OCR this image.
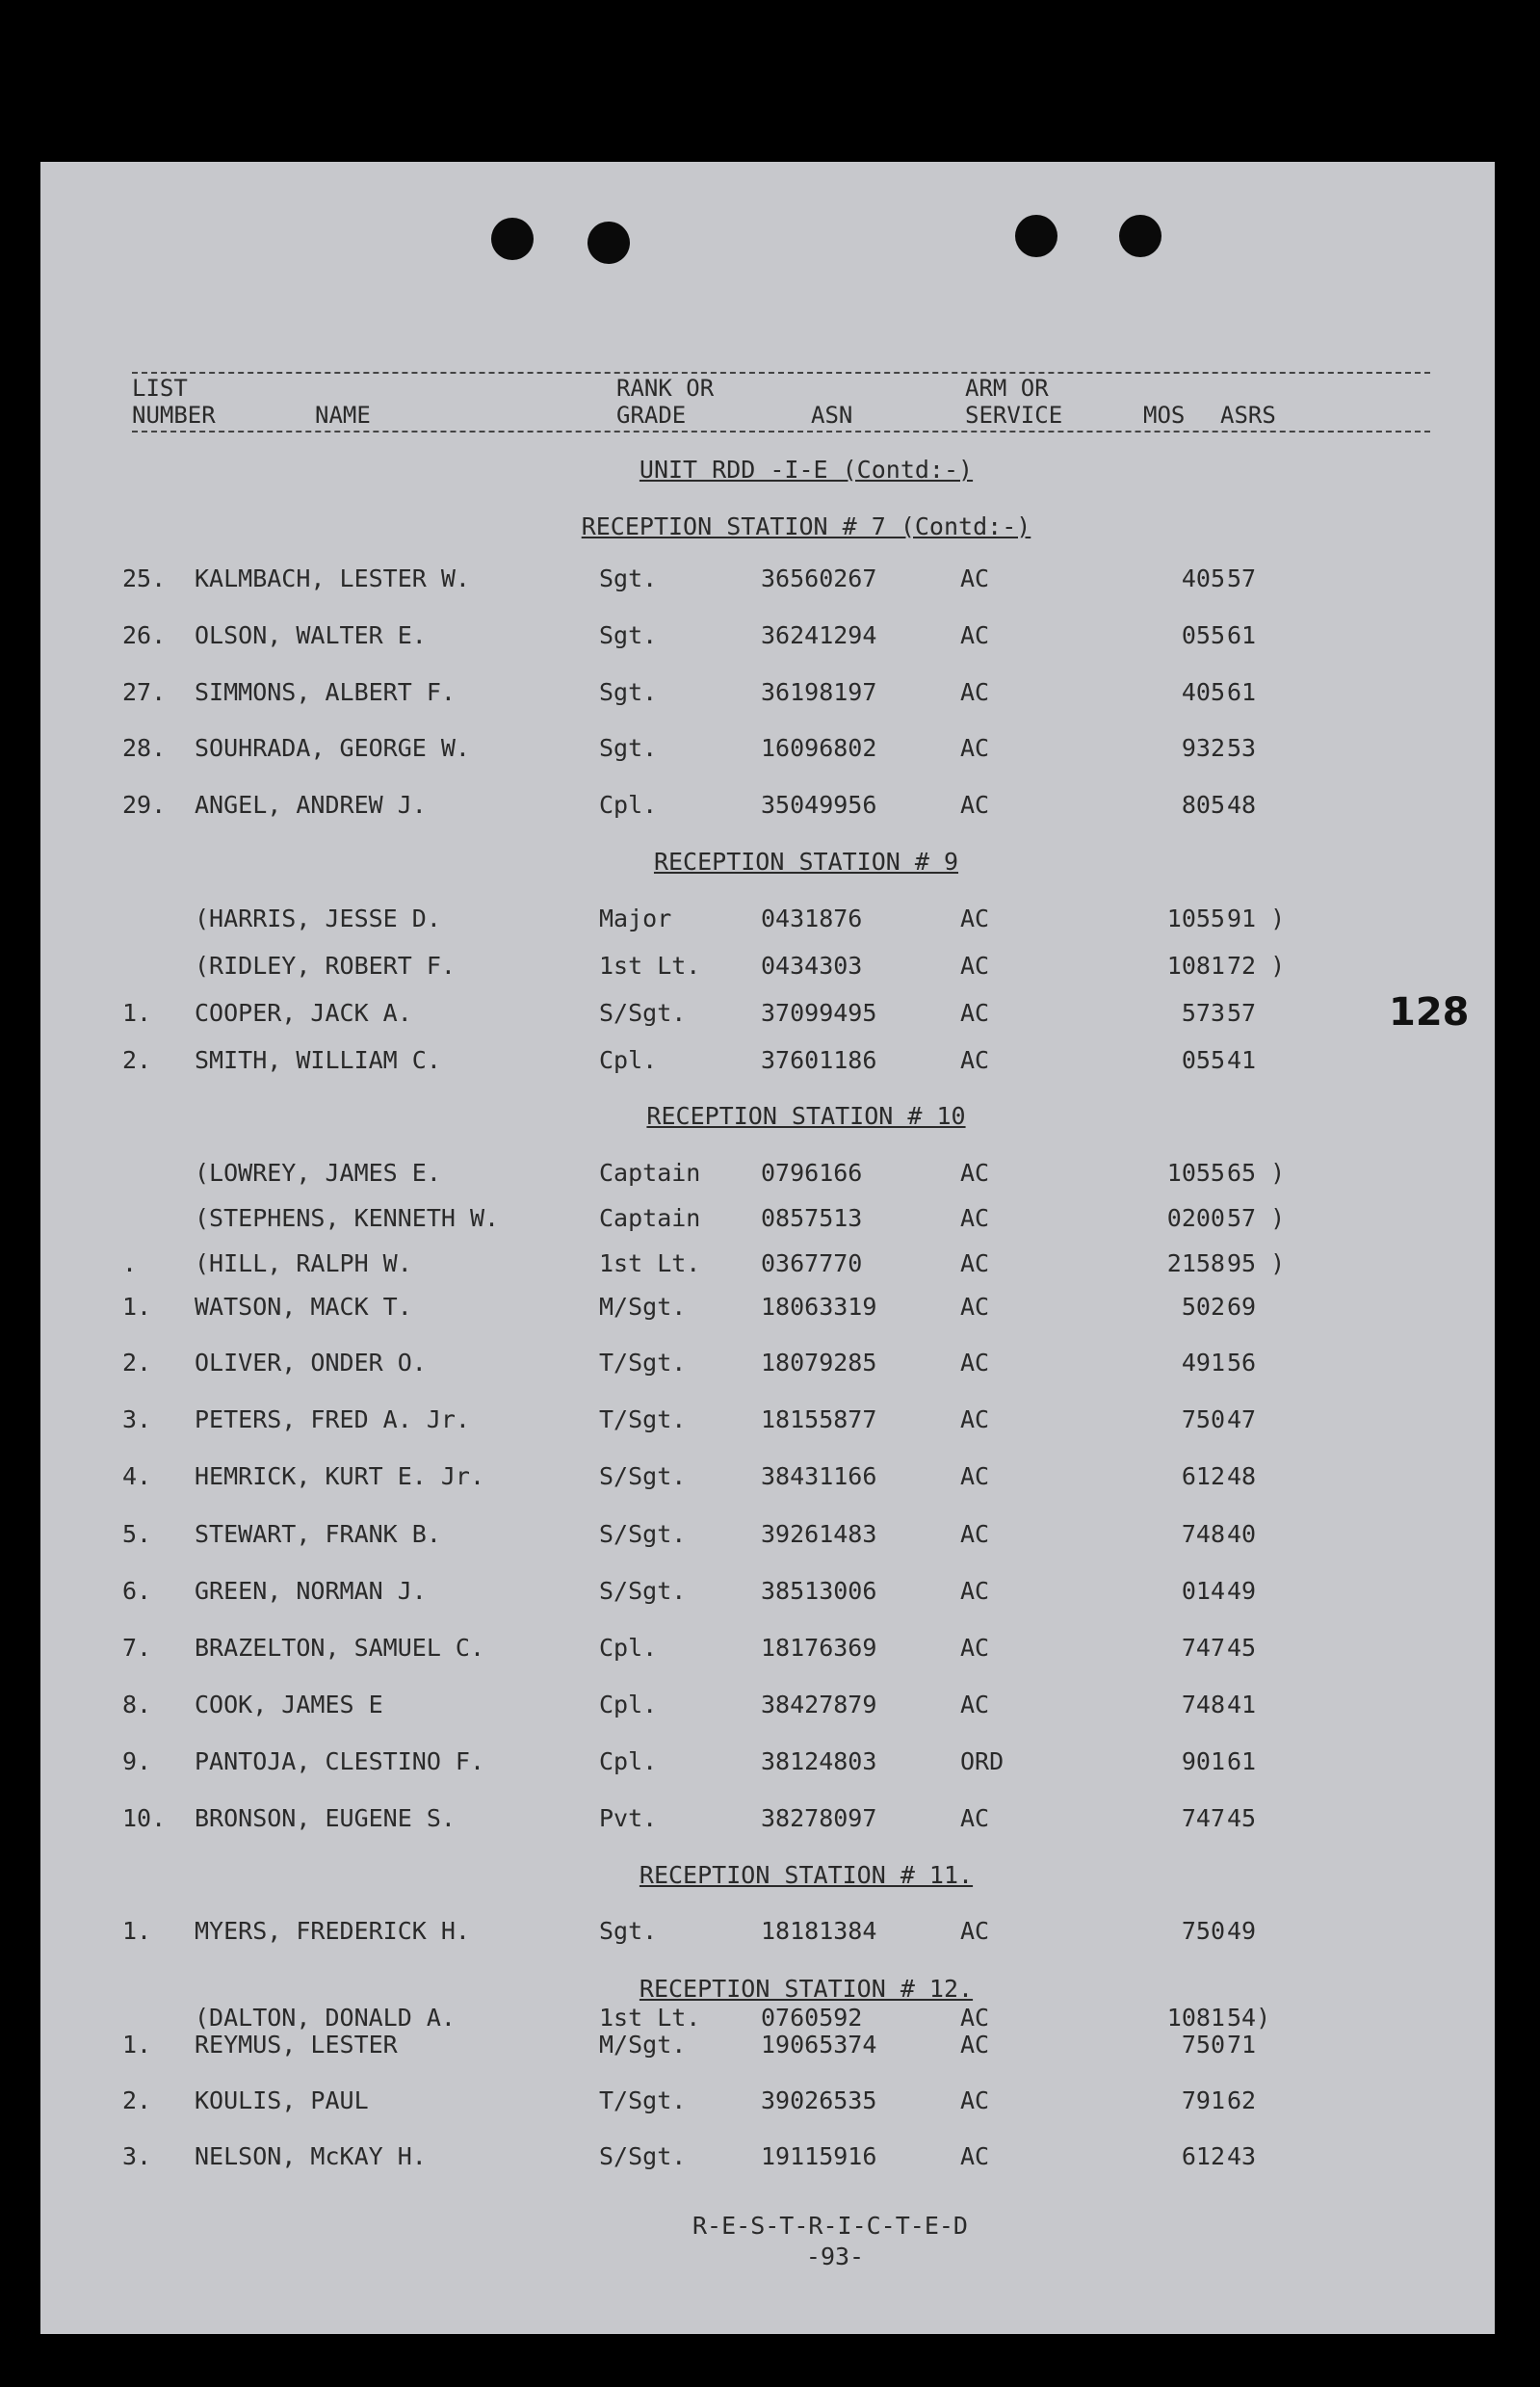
128
LIST
NUMBER	NAME
RANK OR
GRADE	ASN
ARM OR
SERVICE	MOS ASRS
UNIT RDD -I-E (Contd:-)
RECEPTION STATION # 7 (Contd:-)
25.	KALMBACH, LESTER W.	Sgt.	36560267	AC	405 57
26.	OLSON, WALTER E.	Sgt.	36241294	AC	055 61
27.	SIMMONS, ALBERT F.	Sgt.	36198197	AC	405 61
28.	SOUHRADA, GEORGE W.	Sgt.	16096802	AC	932 53
29.	ANGEL, ANDREW J.	Cpl.	35049956	AC	805 48
RECEPTION STATION # 9
(HARRIS, JESSE D.	Major	0431876	AC	1055 91 )
(RIDLEY, ROBERT F.	1st Lt.	0434303	AC	1081 72 )
1.	COOPER, JACK A.	S/Sgt.	37099495	AC	573 57
2.	SMITH, WILLIAM C.	Cpl.	37601186	AC	055 41
RECEPTION STATION # 10
(LOWREY, JAMES E.	Captain	0796166	AC	1055 65 )
(STEPHENS, KENNETH W.	Captain	0857513	AC	0200 57 )
.	(HILL, RALPH W.	1st Lt.	0367770	AC	2158 95 )
1.	WATSON, MACK T.	M/Sgt.	18063319	AC	502 69
2.	OLIVER, ONDER O.	T/Sgt.	18079285	AC	491 56
3.	PETERS, FRED A. Jr.	T/Sgt.	18155877	AC	750 47
4.	HEMRICK, KURT E. Jr.	S/Sgt.	38431166	AC	612 48
5.	STEWART, FRANK B.	S/Sgt.	39261483	AC	748 40
6.	GREEN, NORMAN J.	S/Sgt.	38513006	AC	014 49
7.	BRAZELTON, SAMUEL C.	Cpl.	18176369	AC	747 45
8.	COOK, JAMES E	Cpl.	38427879	AC	748 41
9.	PANTOJA, CLESTINO F.	Cpl.	38124803	ORD	901 61
10.	BRONSON, EUGENE S.	Pvt.	38278097	AC	747 45
RECEPTION STATION # 11.
1.	MYERS, FREDERICK H.	Sgt.	18181384	AC	750 49
RECEPTION STATION # 12.
(DALTON, DONALD A.	1st Lt.	0760592	AC	1081 54)
1.	REYMUS, LESTER	M/Sgt.	19065374	AC	750 71
2.	KOULIS, PAUL	T/Sgt.	39026535	AC	791 62
3.	NELSON, McKAY H.	S/Sgt.	19115916	AC	612 43
R-E-S-T-R-I-C-T-E-D
-93-
